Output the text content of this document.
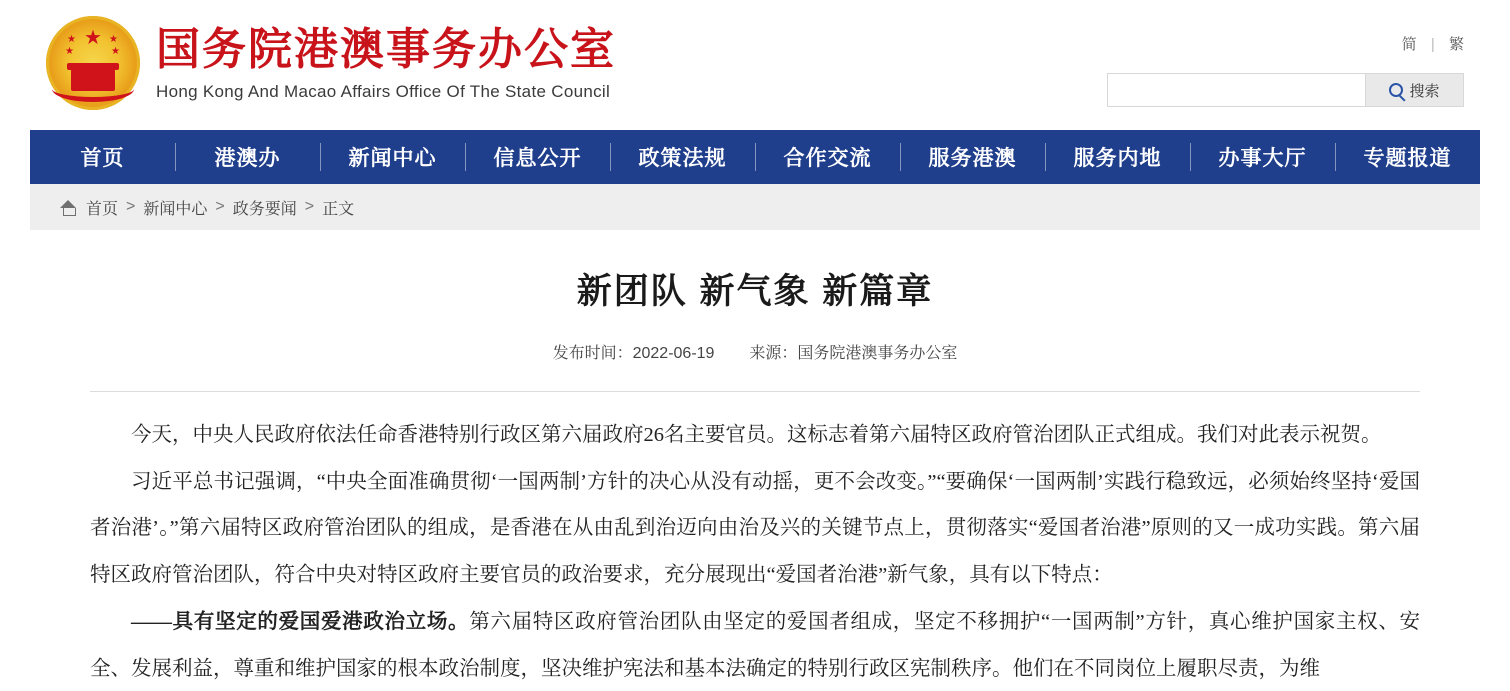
★
★
★
★
★ 国务院港澳事务办公室
Hong Kong And Macao Affairs Office Of The State Council
简 | 繁
搜索
首页	港澳办	新闻中心	信息公开	政策法规	合作交流	服务港澳	服务内地	办事大厅	专题报道
首页 > 新闻中心 > 政务要闻 > 正文
新团队 新气象 新篇章
发布时间：2022-06-19 来源：国务院港澳事务办公室

今天，中央人民政府依法任命香港特别行政区第六届政府26名主要官员。这标志着第六届特区政府管治团队正式组成。我们对此表示祝贺。

习近平总书记强调，“中央全面准确贯彻‘一国两制’方针的决心从没有动摇，更不会改变。”“要确保‘一国两制’实践行稳致远，必须始终坚持‘爱国者治港’。”第六届特区政府管治团队的组成，是香港在从由乱到治迈向由治及兴的关键节点上，贯彻落实“爱国者治港”原则的又一成功实践。第六届特区政府管治团队，符合中央对特区政府主要官员的政治要求，充分展现出“爱国者治港”新气象，具有以下特点：

——具有坚定的爱国爱港政治立场。第六届特区政府管治团队由坚定的爱国者组成，坚定不移拥护“一国两制”方针，真心维护国家主权、安全、发展利益，尊重和维护国家的根本政治制度，坚决维护宪法和基本法确定的特别行政区宪制秩序。他们在不同岗位上履职尽责，为维
